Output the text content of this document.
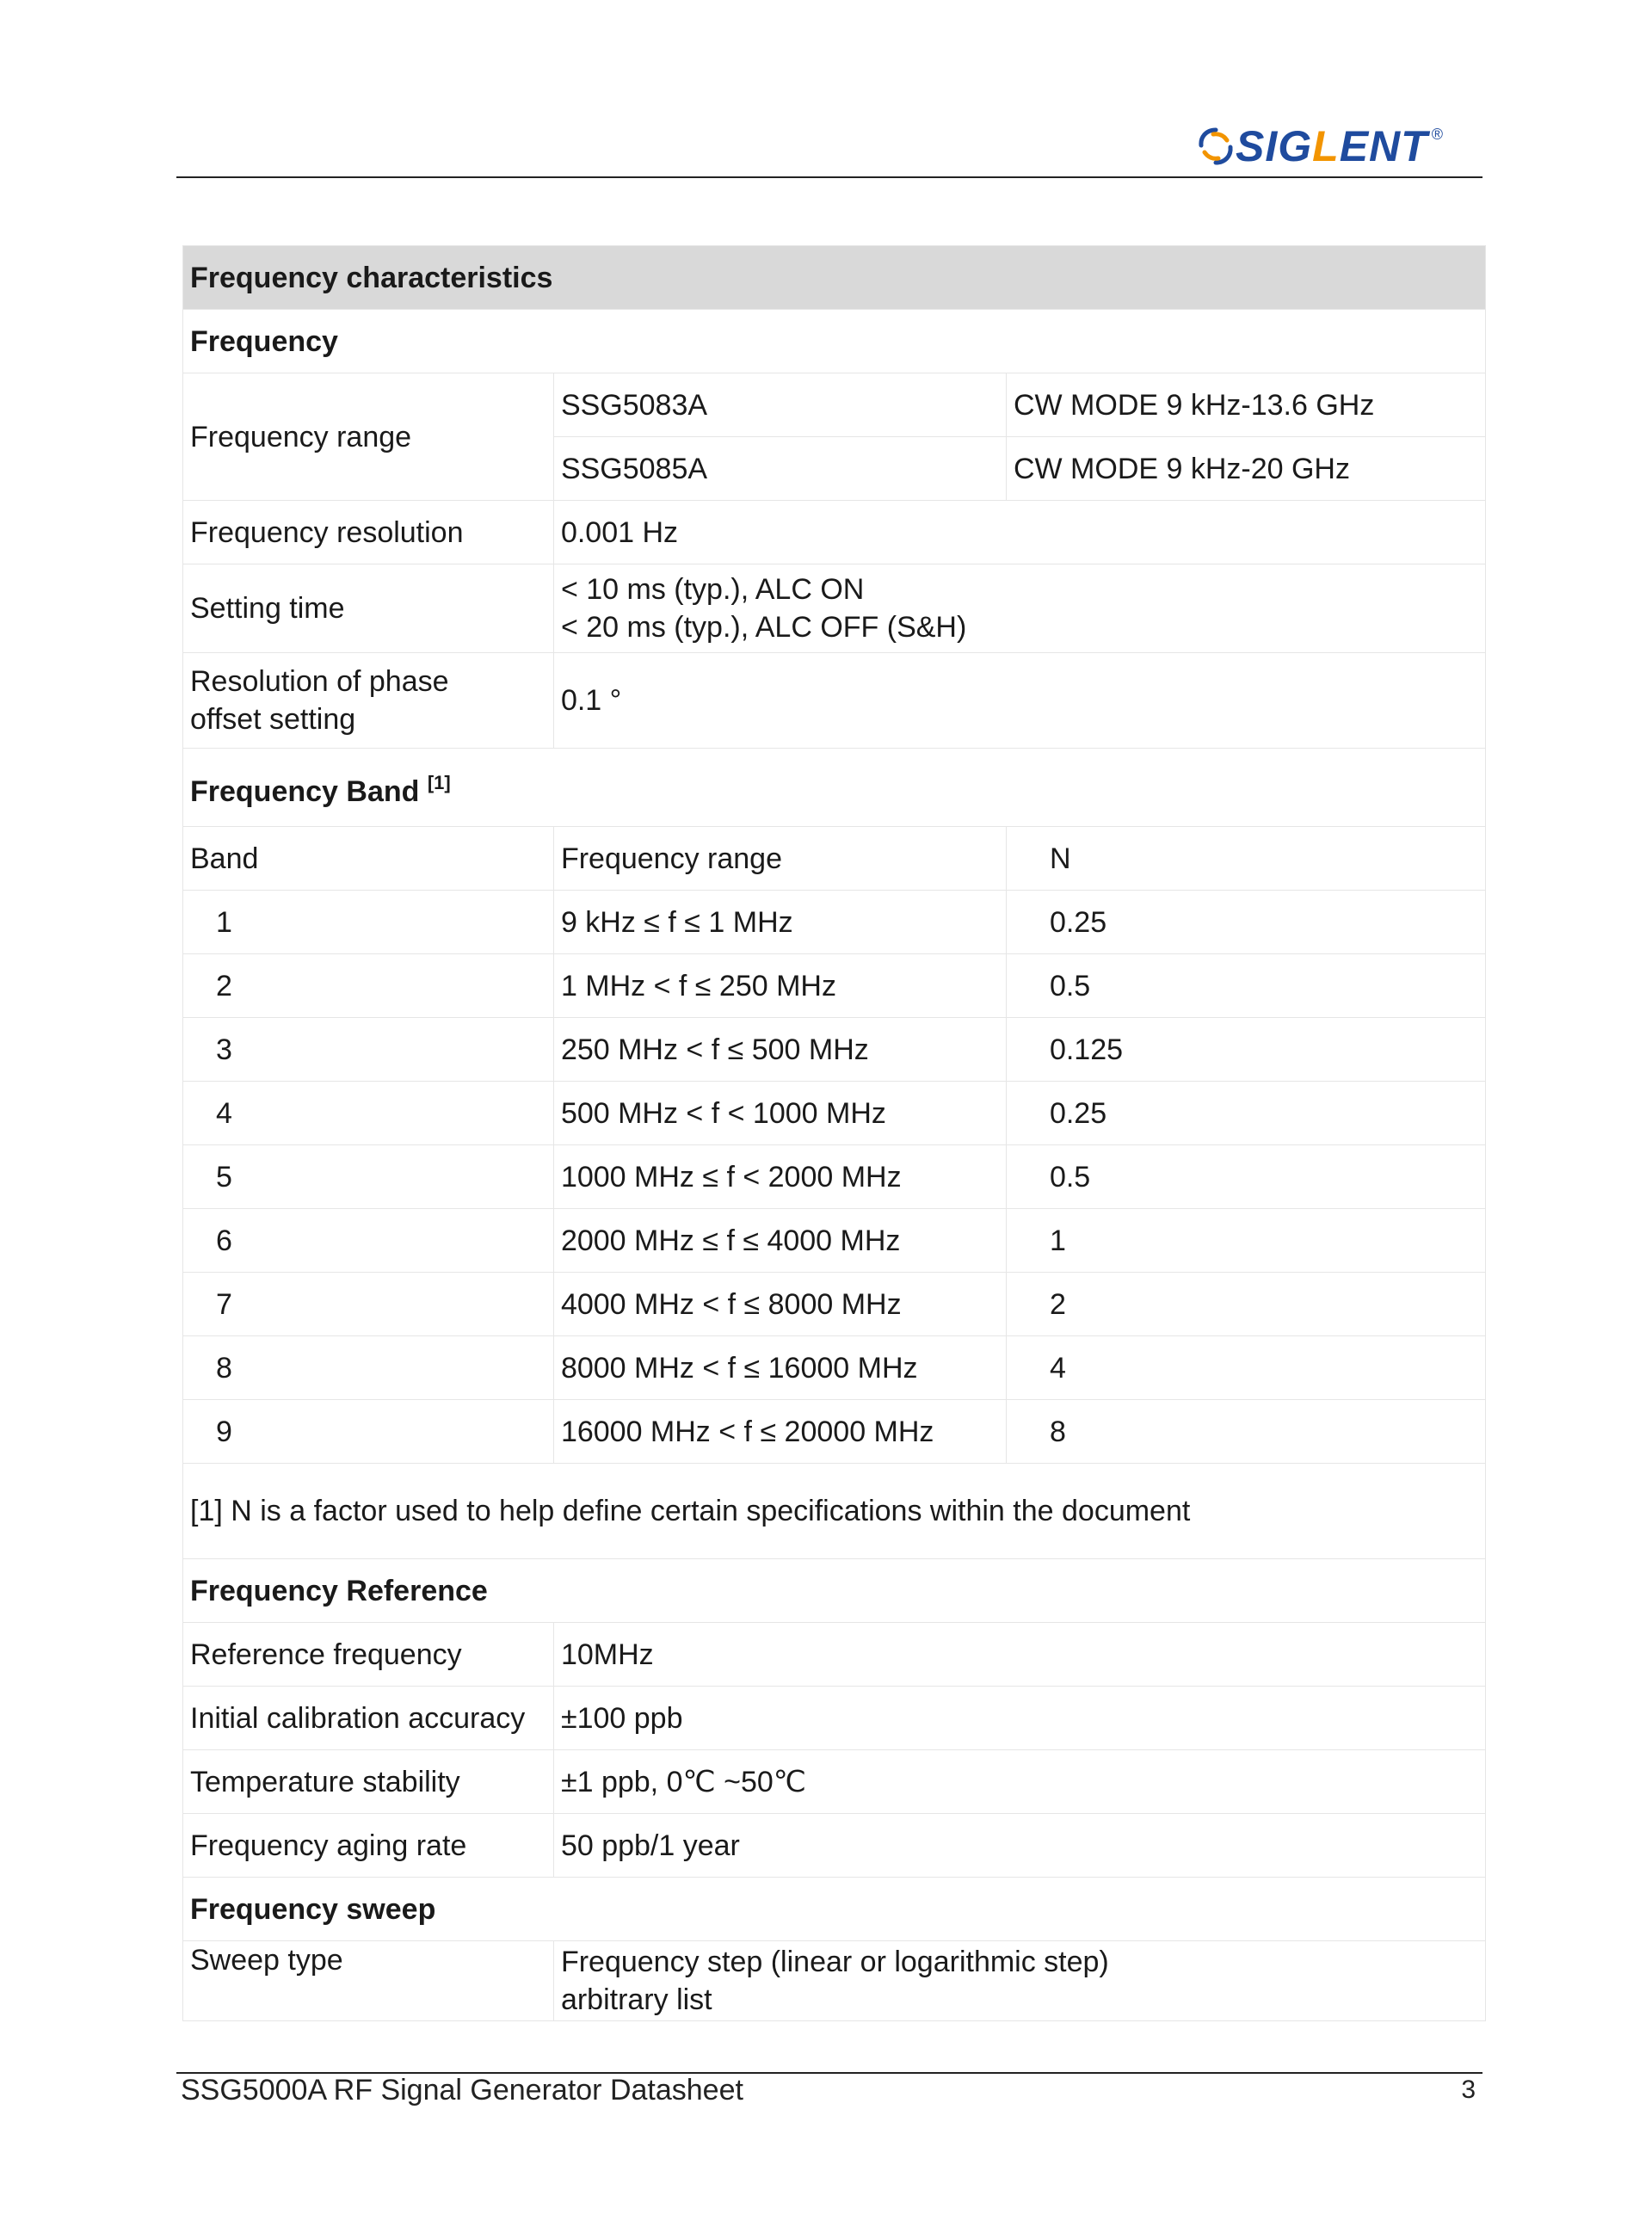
SIGLENT ®
Frequency characteristics		
Frequency		
Frequency range	SSG5083A	CW MODE 9 kHz-13.6 GHz
	SSG5085A	CW MODE 9 kHz-20 GHz
Frequency resolution	0.001 Hz	
Setting time	< 10 ms (typ.), ALC ON
< 20 ms (typ.), ALC OFF (S&H)	

Resolution of phase
offset setting	0.1 °	
Frequency Band [1]
Band	Frequency range	N
1	9 kHz ≤ f ≤ 1 MHz	0.25
2	1 MHz < f ≤ 250 MHz	0.5
3	250 MHz < f ≤ 500 MHz	0.125
4	500 MHz < f < 1000 MHz	0.25
5	1000 MHz ≤ f < 2000 MHz	0.5
6	2000 MHz ≤ f ≤ 4000 MHz	1
7	4000 MHz < f ≤ 8000 MHz	2
8	8000 MHz < f ≤ 16000 MHz	4
9	16000 MHz < f ≤ 20000 MHz	8
[1] N is a factor used to help define certain specifications within the document		
Frequency Reference		
Reference frequency	10MHz	
Initial calibration accuracy	±100 ppb	
Temperature stability	±1 ppb, 0℃ ~50℃	
Frequency aging rate	50 ppb/1 year	
Frequency sweep		
Sweep type	Frequency step (linear or logarithmic step)
arbitrary list	
SSG5000A RF Signal Generator Datasheet	3
